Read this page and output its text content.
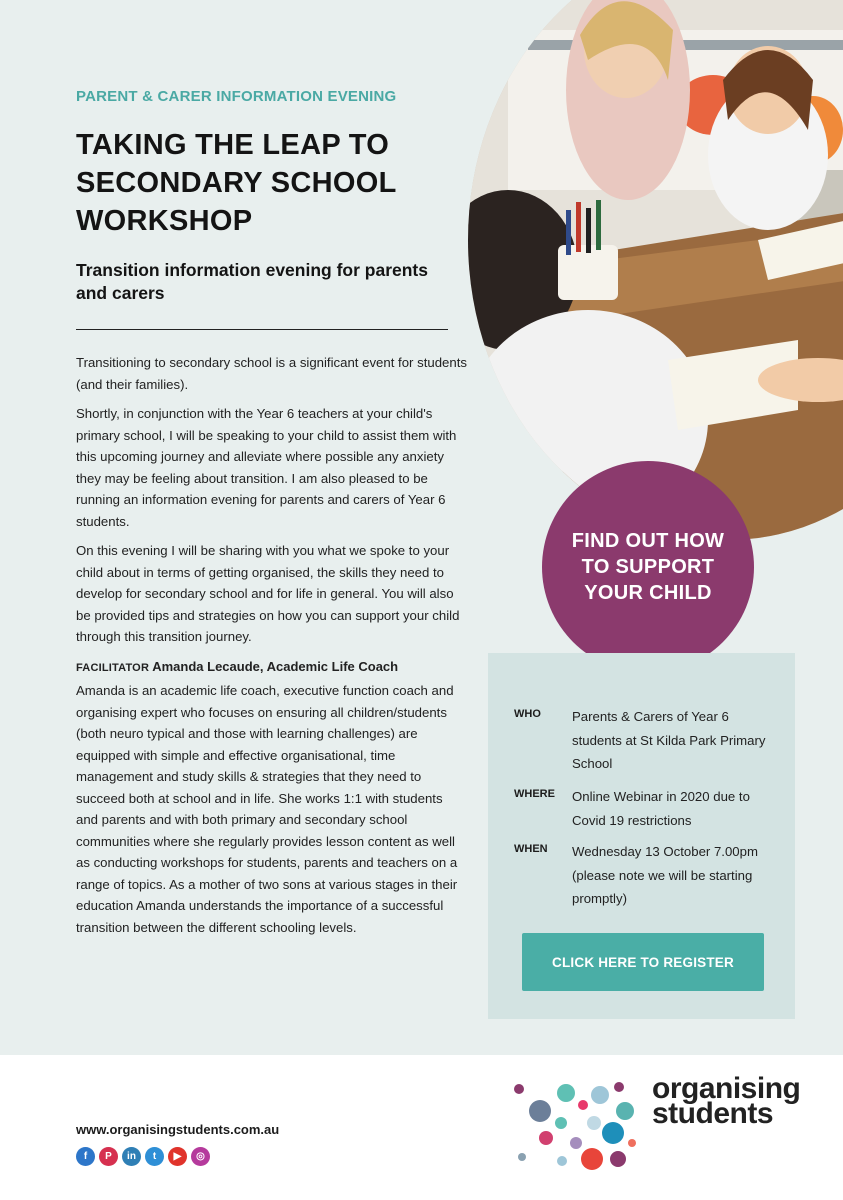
PARENT & CARER INFORMATION EVENING
TAKING THE LEAP TO SECONDARY SCHOOL WORKSHOP
Transition information evening for parents and carers

Transitioning to secondary school is a significant event for students (and their families).

Shortly, in conjunction with the Year 6 teachers at your child's primary school, I will be speaking to your child to assist them with this upcoming journey and alleviate where possible any anxiety they may be feeling about transition. I am also pleased to be running an information evening for parents and carers of Year 6 students.

On this evening I will be sharing with you what we spoke to your child about in terms of getting organised, the skills they need to develop for secondary school and for life in general. You will also be provided tips and strategies on how you can support your child through this transition journey.

FACILITATOR Amanda Lecaude, Academic Life Coach

Amanda is an academic life coach, executive function coach and organising expert who focuses on ensuring all children/students (both neuro typical and those with learning challenges) are equipped with simple and effective organisational, time management and study skills & strategies that they need to succeed both at school and in life. She works 1:1 with students and parents and with both primary and secondary school communities where she regularly provides lesson content as well as conducting workshops for students, parents and teachers on a range of topics. As a mother of two sons at various stages in their education Amanda understands the importance of a successful transition between the different schooling levels.

FIND OUT HOW TO SUPPORT YOUR CHILD
WHO	Parents & Carers of Year 6 students at St Kilda Park Primary School
WHERE	Online Webinar in 2020 due to Covid 19 restrictions
WHEN	Wednesday 13 October 7.00pm (please note we will be starting promptly)
CLICK HERE TO REGISTER
www.organisingstudents.com.au
f	P	in	t	▶	◎
organising
students
